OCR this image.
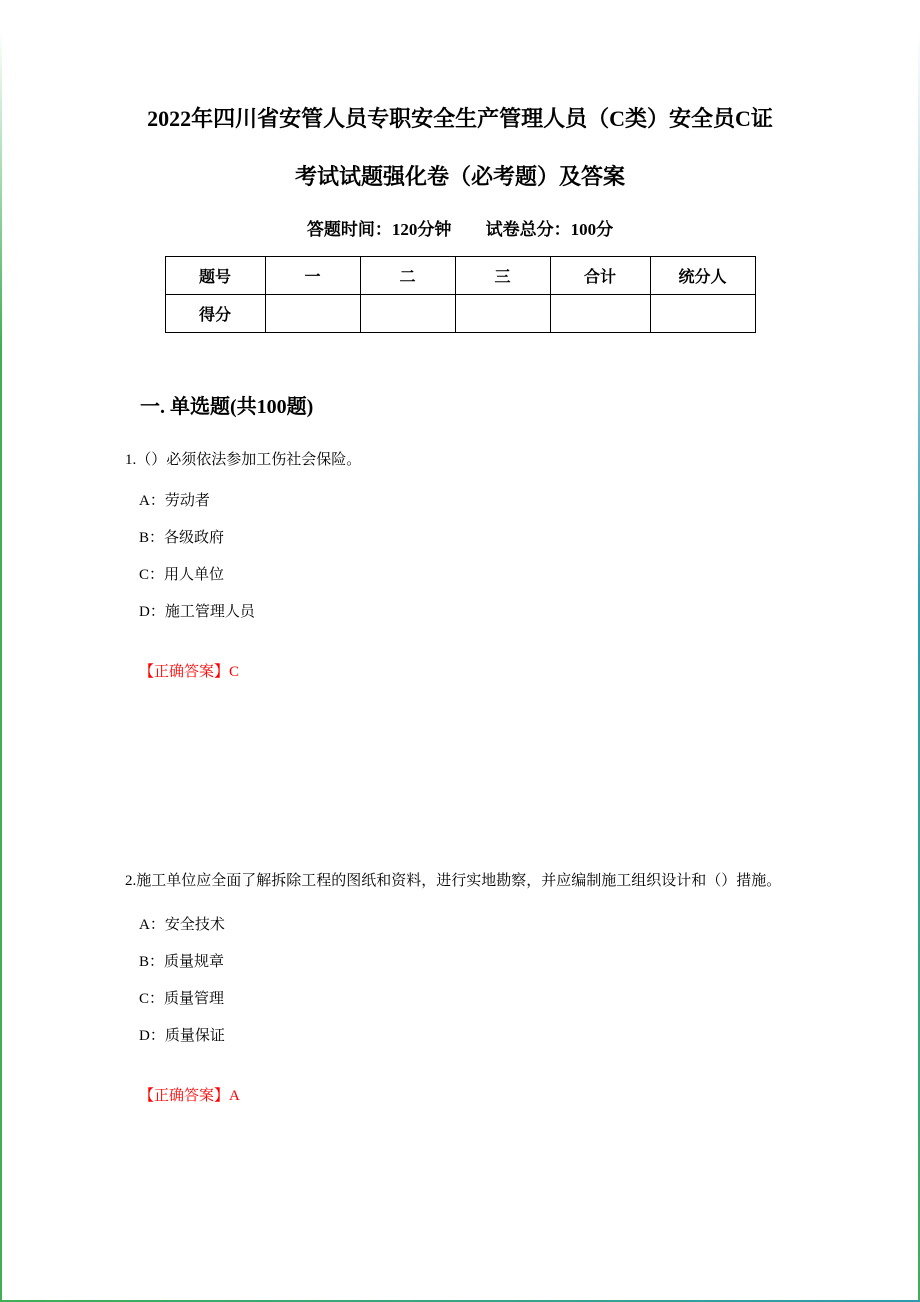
2022年四川省安管人员专职安全生产管理人员（C类）安全员C证
考试试题强化卷（必考题）及答案
答题时间：120分钟 试卷总分：100分
题号	一	二	三	合计	统分人
得分					
一. 单选题(共100题)

1.（）必须依法参加工伤社会保险。

A：劳动者

B：各级政府

C：用人单位

D：施工管理人员

【正确答案】C

2.施工单位应全面了解拆除工程的图纸和资料，进行实地勘察，并应编制施工组织设计和（）措施。

A：安全技术

B：质量规章

C：质量管理

D：质量保证

【正确答案】A
